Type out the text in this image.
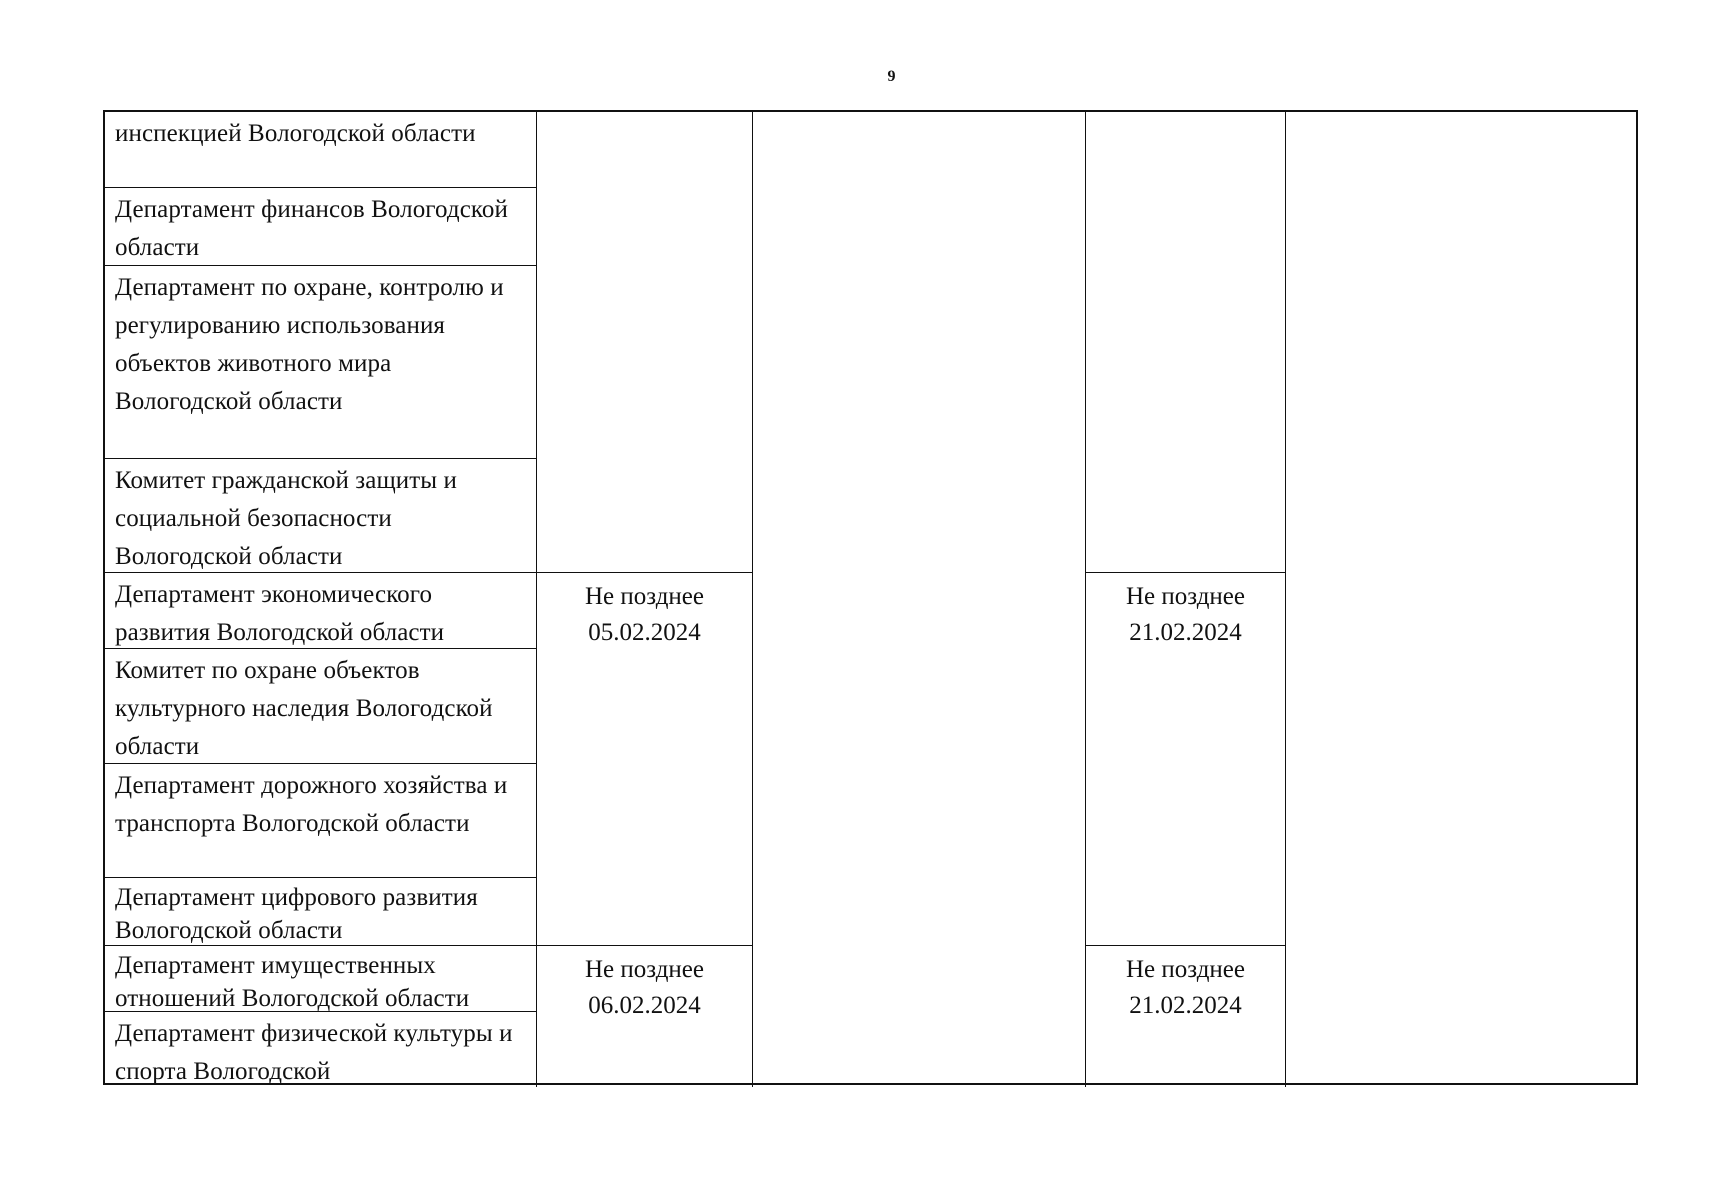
9
инспекцией Вологодской области
Департамент финансов Вологодской области
Департамент по охране, контролю и регулированию использования объектов животного мира Вологодской области
Комитет гражданской защиты и социальной безопасности Вологодской области
Департамент экономического развития Вологодской области
Комитет по охране объектов культурного наследия Вологодской области
Департамент дорожного хозяйства и транспорта Вологодской области
Департамент цифрового развития Вологодской области
Департамент имущественных отношений Вологодской области
Департамент физической культуры и спорта Вологодской
Не позднее
05.02.2024
Не позднее
06.02.2024
Не позднее
21.02.2024
Не позднее
21.02.2024
